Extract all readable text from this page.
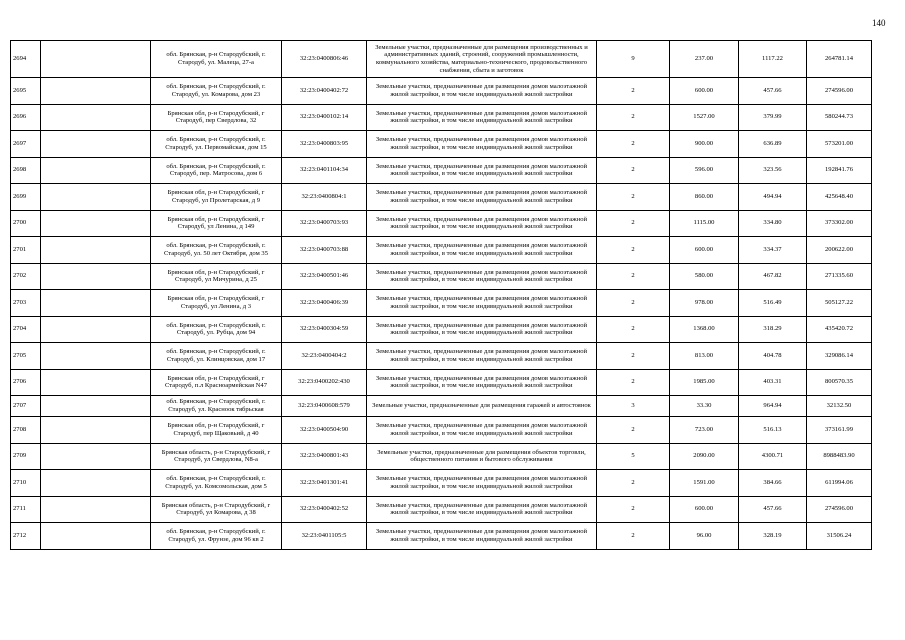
140
2694		обл. Брянская, р-н Стародубский, г. Стародуб, ул. Малеца, 27-а	32:23:0400806:46	Земельные участки, предназначенные для размещения производственных и административных зданий, строений, сооружений промышленности, коммунального хозяйства, материально-технического, продовольственного снабжения, сбыта и заготовок	9	237.00	1117.22	264781.14
2695		обл. Брянская, р-н Стародубский, г. Стародуб, ул. Комарова, дом 23	32:23:0400402:72	Земельные участки, предназначенные для размещения домов малоэтажной жилой застройки, в том числе индивидуальной жилой застройки	2	600.00	457.66	274596.00
2696		Брянская обл, р-н Стародубский, г Стародуб, пер Свердлова, 32	32:23:0400102:14	Земельные участки, предназначенные для размещения домов малоэтажной жилой застройки, в том числе индивидуальной жилой застройки	2	1527.00	379.99	580244.73
2697		обл. Брянская, р-н Стародубский, г. Стародуб, ул. Первомайская, дом 15	32:23:0400803:95	Земельные участки, предназначенные для размещения домов малоэтажной жилой застройки, в том числе индивидуальной жилой застройки	2	900.00	636.89	573201.00
2698		обл. Брянская, р-н Стародубский, г. Стародуб, пер. Матросова, дом 6	32:23:0401104:34	Земельные участки, предназначенные для размещения домов малоэтажной жилой застройки, в том числе индивидуальной жилой застройки	2	596.00	323.56	192841.76
2699		Брянская обл, р-н Стародубский, г Стародуб, ул Пролетарская, д 9	32:23:0400804:1	Земельные участки, предназначенные для размещения домов малоэтажной жилой застройки, в том числе индивидуальной жилой застройки	2	860.00	494.94	425648.40
2700		Брянская обл, р-н Стародубский, г Стародуб, ул Ленина, д 149	32:23:0400703:93	Земельные участки, предназначенные для размещения домов малоэтажной жилой застройки, в том числе индивидуальной жилой застройки	2	1115.00	334.80	373302.00
2701		обл. Брянская, р-н Стародубский, г. Стародуб, ул. 50 лет Октября, дом 35	32:23:0400703:88	Земельные участки, предназначенные для размещения домов малоэтажной жилой застройки, в том числе индивидуальной жилой застройки	2	600.00	334.37	200622.00
2702		Брянская обл, р-н Стародубский, г Стародуб, ул Мичурина, д 25	32:23:0400501:46	Земельные участки, предназначенные для размещения домов малоэтажной жилой застройки, в том числе индивидуальной жилой застройки	2	580.00	467.82	271335.60
2703		Брянская обл, р-н Стародубский, г Стародуб, ул Ленина, д 3	32:23:0400406:39	Земельные участки, предназначенные для размещения домов малоэтажной жилой застройки, в том числе индивидуальной жилой застройки	2	978.00	516.49	505127.22
2704		обл. Брянская, р-н Стародубский, г. Стародуб, ул. Рубца, дом 94	32:23:0400304:59	Земельные участки, предназначенные для размещения домов малоэтажной жилой застройки, в том числе индивидуальной жилой застройки	2	1368.00	318.29	435420.72
2705		обл. Брянская, р-н Стародубский, г. Стародуб, ул. Клинцовская, дом 17	32:23:0400404:2	Земельные участки, предназначенные для размещения домов малоэтажной жилой застройки, в том числе индивидуальной жилой застройки	2	813.00	404.78	329086.14
2706		Брянская обл, р-н Стародубский, г Стародуб, п.л Красноармейская N47	32:23:0400202:430	Земельные участки, предназначенные для размещения домов малоэтажной жилой застройки, в том числе индивидуальной жилой застройки	2	1985.00	403.31	800570.35
2707		обл. Брянская, р-н Стародубский, г. Стародуб, ул. Красноок тябрьская	32:23:0400608:579	Земельные участки, предназначенные для размещения гаражей и автостоянок	3	33.30	964.94	32132.50
2708		Брянская обл, р-н Стародубский, г Стародуб, пер Щаковьий, д 40	32:23:0400504:90	Земельные участки, предназначенные для размещения домов малоэтажной жилой застройки, в том числе индивидуальной жилой застройки	2	723.00	516.13	373161.99
2709		Брянская область, р-н Стародубский, г Стародуб, ул Свердлова, N8-а	32:23:0400801:43	Земельные участки, предназначенные для размещения объектов торговли, общественного питания и бытового обслуживания	5	2090.00	4300.71	8988483.90
2710		обл. Брянская, р-н Стародубский, г. Стародуб, ул. Комсомольская, дом 5	32:23:0401301:41	Земельные участки, предназначенные для размещения домов малоэтажной жилой застройки, в том числе индивидуальной жилой застройки	2	1591.00	384.66	611994.06
2711		Брянская область, р-н Стародубский, г Стародуб, ул Комарова, д 38	32:23:0400402:52	Земельные участки, предназначенные для размещения домов малоэтажной жилой застройки, в том числе индивидуальной жилой застройки	2	600.00	457.66	274596.00
2712		обл. Брянская, р-н Стародубский, г. Стародуб, ул. Фрунзе, дом 96 кв 2	32:23:0401105:5	Земельные участки, предназначенные для размещения домов малоэтажной жилой застройки, в том числе индивидуальной жилой застройки	2	96.00	328.19	31506.24
